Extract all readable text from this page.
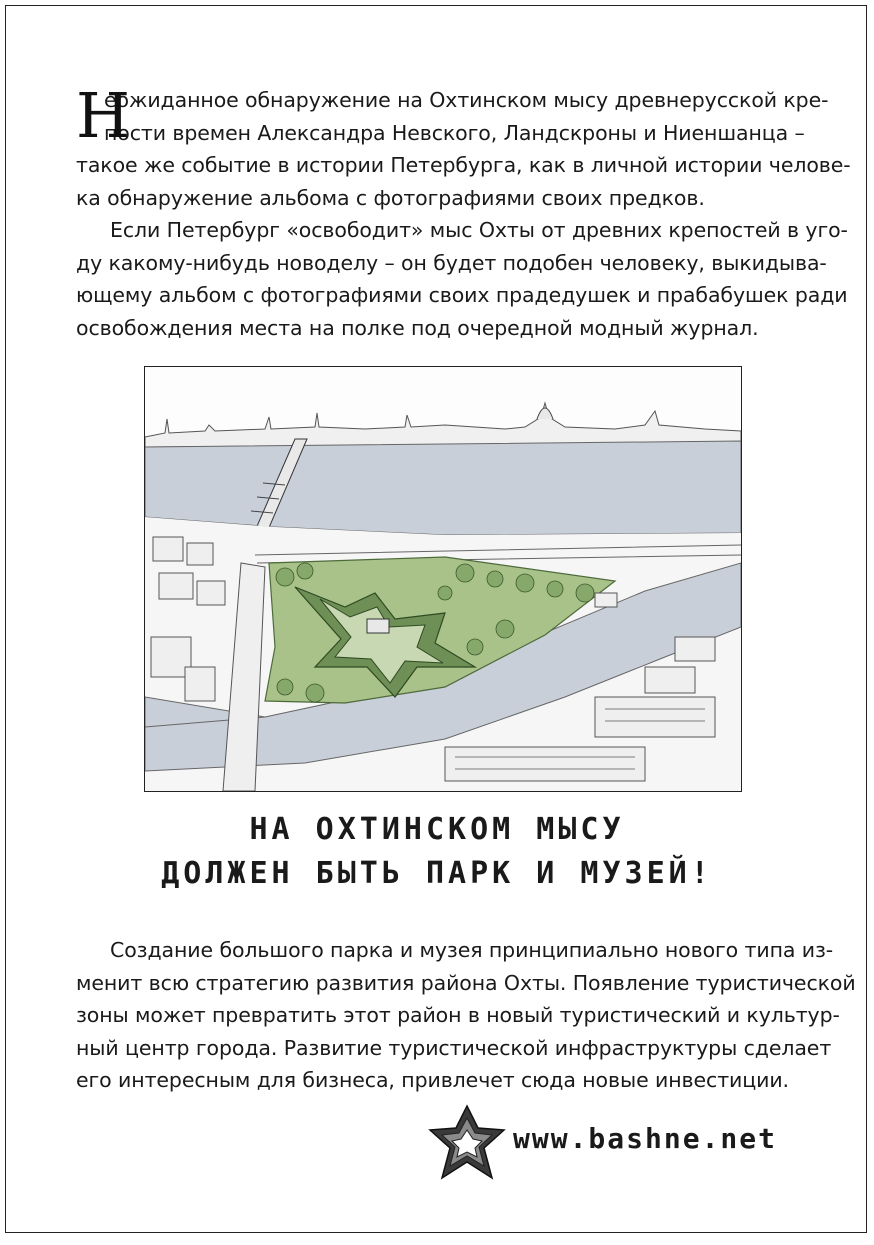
Н
еожиданное обнаружение на Охтинском мысу древнерусской кре-
пости времен Александра Невского, Ландскроны и Ниеншанца –
такое же событие в истории Петербурга, как в личной истории челове-
ка обнаружение альбома с фотографиями своих предков.
Если Петербург «освободит» мыс Охты от древних крепостей в уго-
ду какому-нибудь новоделу – он будет подобен человеку, выкидыва-
ющему альбом с фотографиями своих прадедушек и прабабушек ради
освобождения места на полке под очередной модный журнал.
НА ОХТИНСКОМ МЫСУ
ДОЛЖЕН БЫТЬ ПАРК И МУЗЕЙ!
Создание большого парка и музея принципиально нового типа из-
менит всю стратегию развития района Охты. Появление туристической
зоны может превратить этот район в новый туристический и культур-
ный центр города. Развитие туристической инфраструктуры сделает
его интересным для бизнеса, привлечет сюда новые инвестиции.
www.bashne.net
